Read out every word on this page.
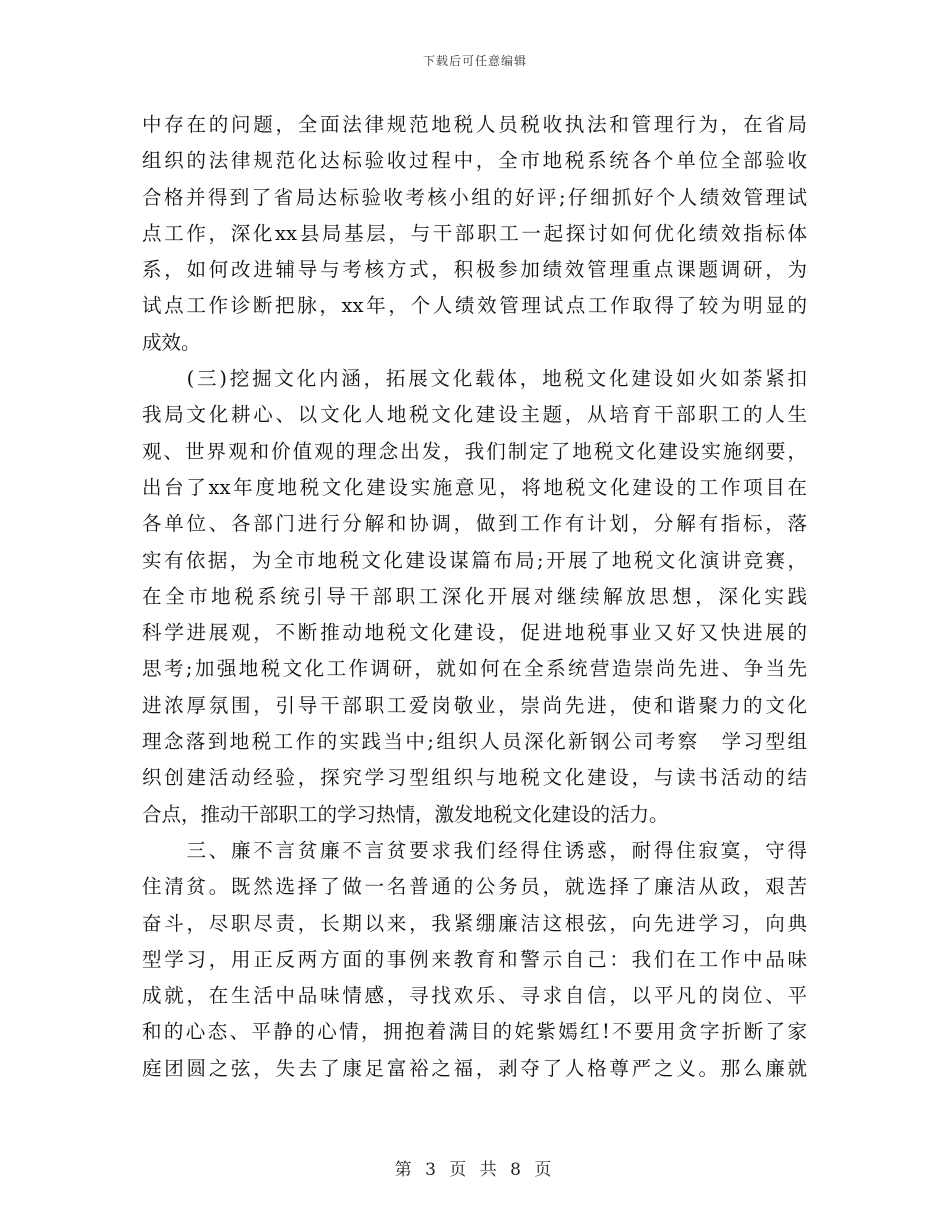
下载后可任意编辑
中存在的问题，全面法律规范地税人员税收执法和管理行为，在省局
组织的法律规范化达标验收过程中，全市地税系统各个单位全部验收
合格并得到了省局达标验收考核小组的好评;仔细抓好个人绩效管理试
点工作，深化xx县局基层，与干部职工一起探讨如何优化绩效指标体
系，如何改进辅导与考核方式，积极参加绩效管理重点课题调研，为
试点工作诊断把脉，xx年，个人绩效管理试点工作取得了较为明显的
成效。
　　(三)挖掘文化内涵，拓展文化载体，地税文化建设如火如荼紧扣
我局文化耕心、以文化人地税文化建设主题，从培育干部职工的人生
观、世界观和价值观的理念出发，我们制定了地税文化建设实施纲要，
出台了xx年度地税文化建设实施意见，将地税文化建设的工作项目在
各单位、各部门进行分解和协调，做到工作有计划，分解有指标，落
实有依据，为全市地税文化建设谋篇布局;开展了地税文化演讲竞赛，
在全市地税系统引导干部职工深化开展对继续解放思想，深化实践
科学进展观，不断推动地税文化建设，促进地税事业又好又快进展的
思考;加强地税文化工作调研，就如何在全系统营造崇尚先进、争当先
进浓厚氛围，引导干部职工爱岗敬业，崇尚先进，使和谐聚力的文化
理念落到地税工作的实践当中;组织人员深化新钢公司考察　学习型组
织创建活动经验，探究学习型组织与地税文化建设，与读书活动的结
合点，推动干部职工的学习热情，激发地税文化建设的活力。
　　三、廉不言贫廉不言贫要求我们经得住诱惑，耐得住寂寞，守得
住清贫。既然选择了做一名普通的公务员，就选择了廉洁从政，艰苦
奋斗，尽职尽责，长期以来，我紧绷廉洁这根弦，向先进学习，向典
型学习，用正反两方面的事例来教育和警示自己：我们在工作中品味
成就，在生活中品味情感，寻找欢乐、寻求自信，以平凡的岗位、平
和的心态、平静的心情，拥抱着满目的姹紫嫣红!不要用贪字折断了家
庭团圆之弦，失去了康足富裕之福，剥夺了人格尊严之义。那么廉就
第 3 页 共 8 页
